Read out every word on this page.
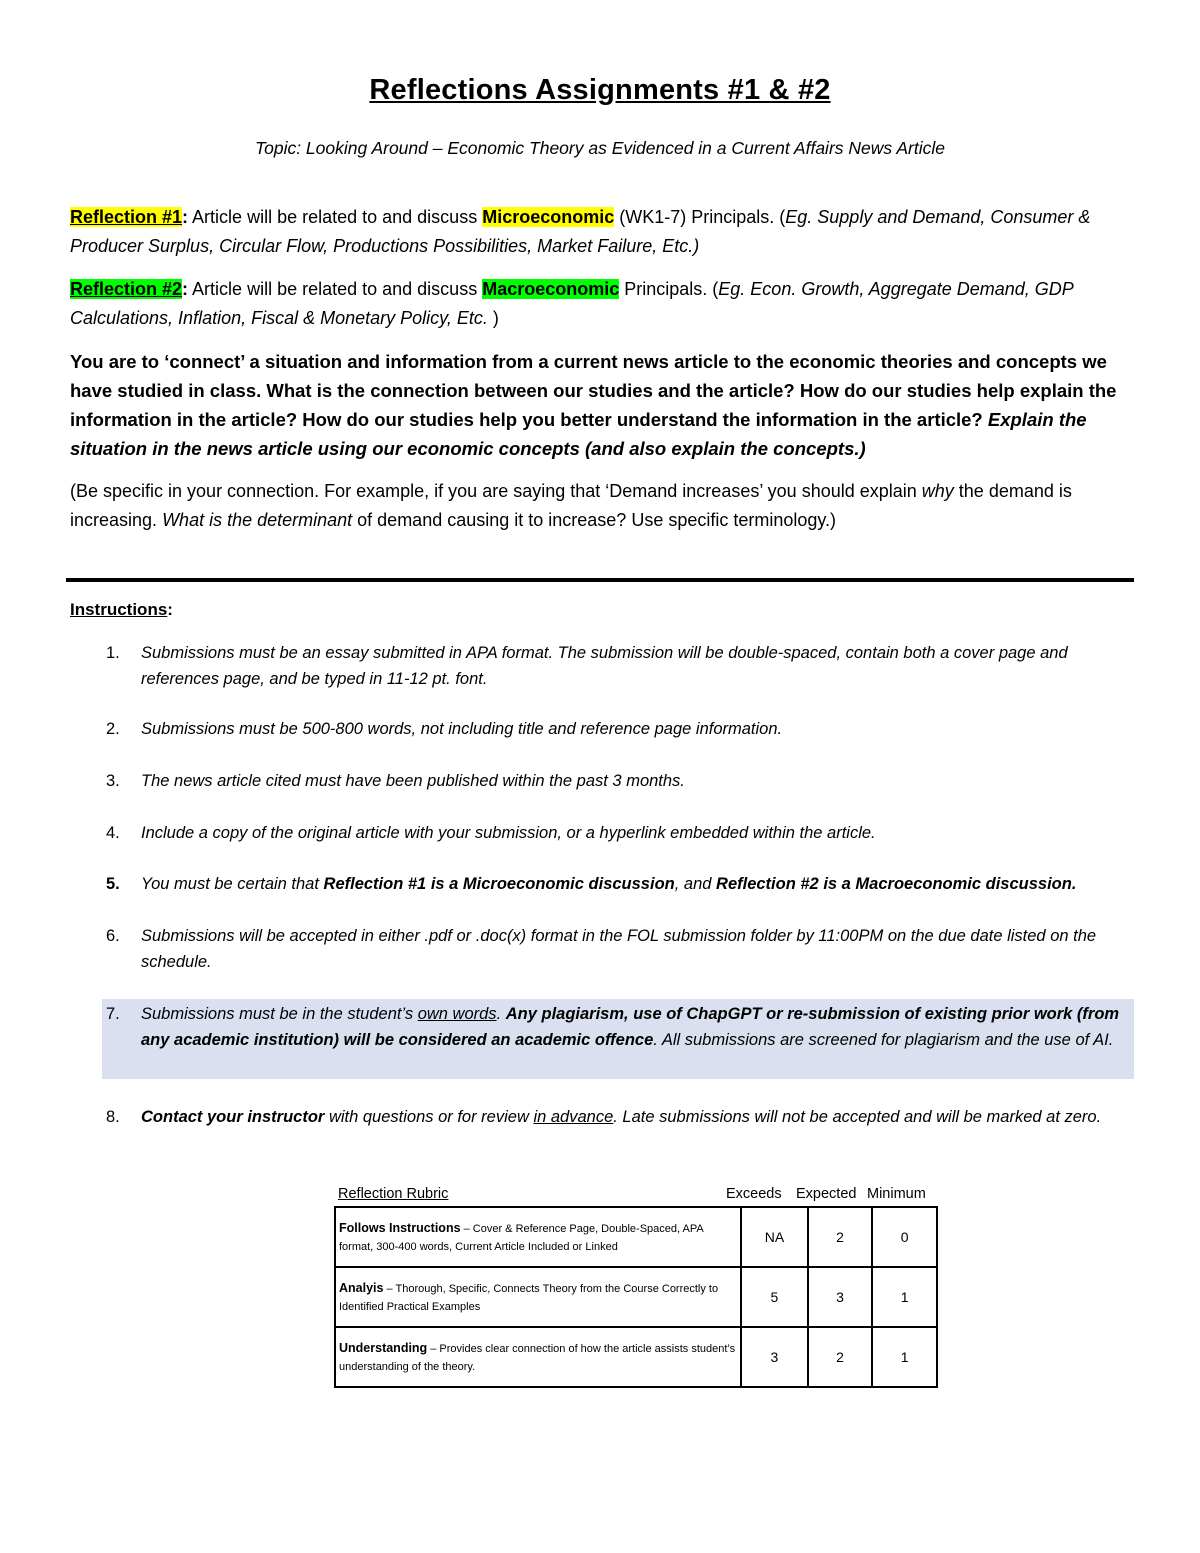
Reflections Assignments #1 & #2
Topic: Looking Around – Economic Theory as Evidenced in a Current Affairs News Article
Reflection #1: Article will be related to and discuss Microeconomic (WK1-7) Principals. (Eg. Supply and Demand, Consumer & Producer Surplus, Circular Flow, Productions Possibilities, Market Failure, Etc.)
Reflection #2: Article will be related to and discuss Macroeconomic Principals. (Eg. Econ. Growth, Aggregate Demand, GDP Calculations, Inflation, Fiscal & Monetary Policy, Etc. )
You are to ‘connect’ a situation and information from a current news article to the economic theories and concepts we have studied in class. What is the connection between our studies and the article? How do our studies help explain the information in the article? How do our studies help you better understand the information in the article? Explain the situation in the news article using our economic concepts (and also explain the concepts.)
(Be specific in your connection. For example, if you are saying that ‘Demand increases’ you should explain why the demand is increasing. What is the determinant of demand causing it to increase? Use specific terminology.)
Instructions:
1.	Submissions must be an essay submitted in APA format. The submission will be double-spaced, contain both a cover page and references page, and be typed in 11-12 pt. font.
2.	Submissions must be 500-800 words, not including title and reference page information.
3.	The news article cited must have been published within the past 3 months.
4.	Include a copy of the original article with your submission, or a hyperlink embedded within the article.
5.	You must be certain that Reflection #1 is a Microeconomic discussion, and Reflection #2 is a Macroeconomic discussion.
6.	Submissions will be accepted in either .pdf or .doc(x) format in the FOL submission folder by 11:00PM on the due date listed on the schedule.
7.	Submissions must be in the student’s own words. Any plagiarism, use of ChapGPT or re-submission of existing prior work (from any academic institution) will be considered an academic offence. All submissions are screened for plagiarism and the use of AI.
8.	Contact your instructor with questions or for review in advance. Late submissions will not be accepted and will be marked at zero.
Reflection Rubric	Exceeds Expected Minimum
Follows Instructions – Cover & Reference Page, Double-Spaced, APA format, 300-400 words, Current Article Included or Linked	NA	2	0
Analyis – Thorough, Specific, Connects Theory from the Course Correctly to Identified Practical Examples	5	3	1
Understanding – Provides clear connection of how the article assists student’s understanding of the theory.	3	2	1
